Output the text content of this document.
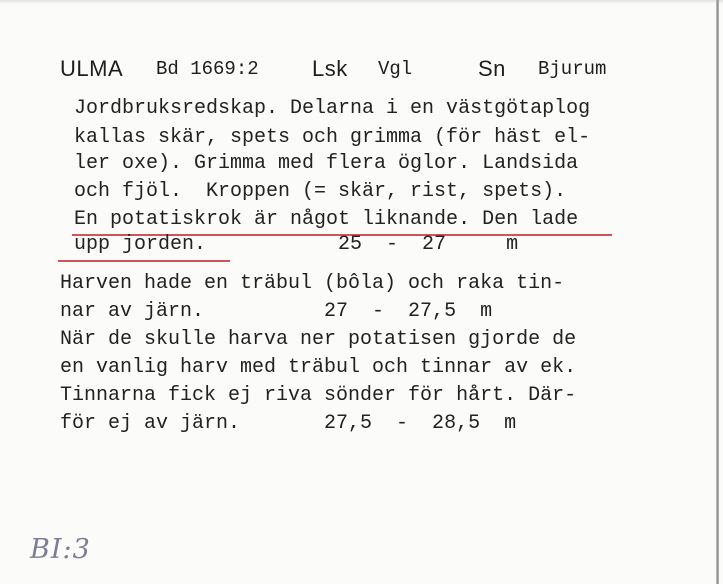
ULMA Bd 1669:2 Lsk Vgl	Sn Bjurum
Jordbruksredskap. Delarna i en västgötaplog
kallas skär, spets och grimma (för häst el-
ler oxe). Grimma med flera öglor. Landsida
och fjöl.  Kroppen (= skär, rist, spets).
En potatiskrok är något liknande. Den lade
upp jorden.           25  -  27     m
Harven hade en träbul (bôla) och raka tin-
nar av järn.          27  -  27,5  m
När de skulle harva ner potatisen gjorde de
en vanlig harv med träbul och tinnar av ek.
Tinnarna fick ej riva sönder för hårt. Där-
för ej av järn.       27,5  -  28,5  m
BI:3
